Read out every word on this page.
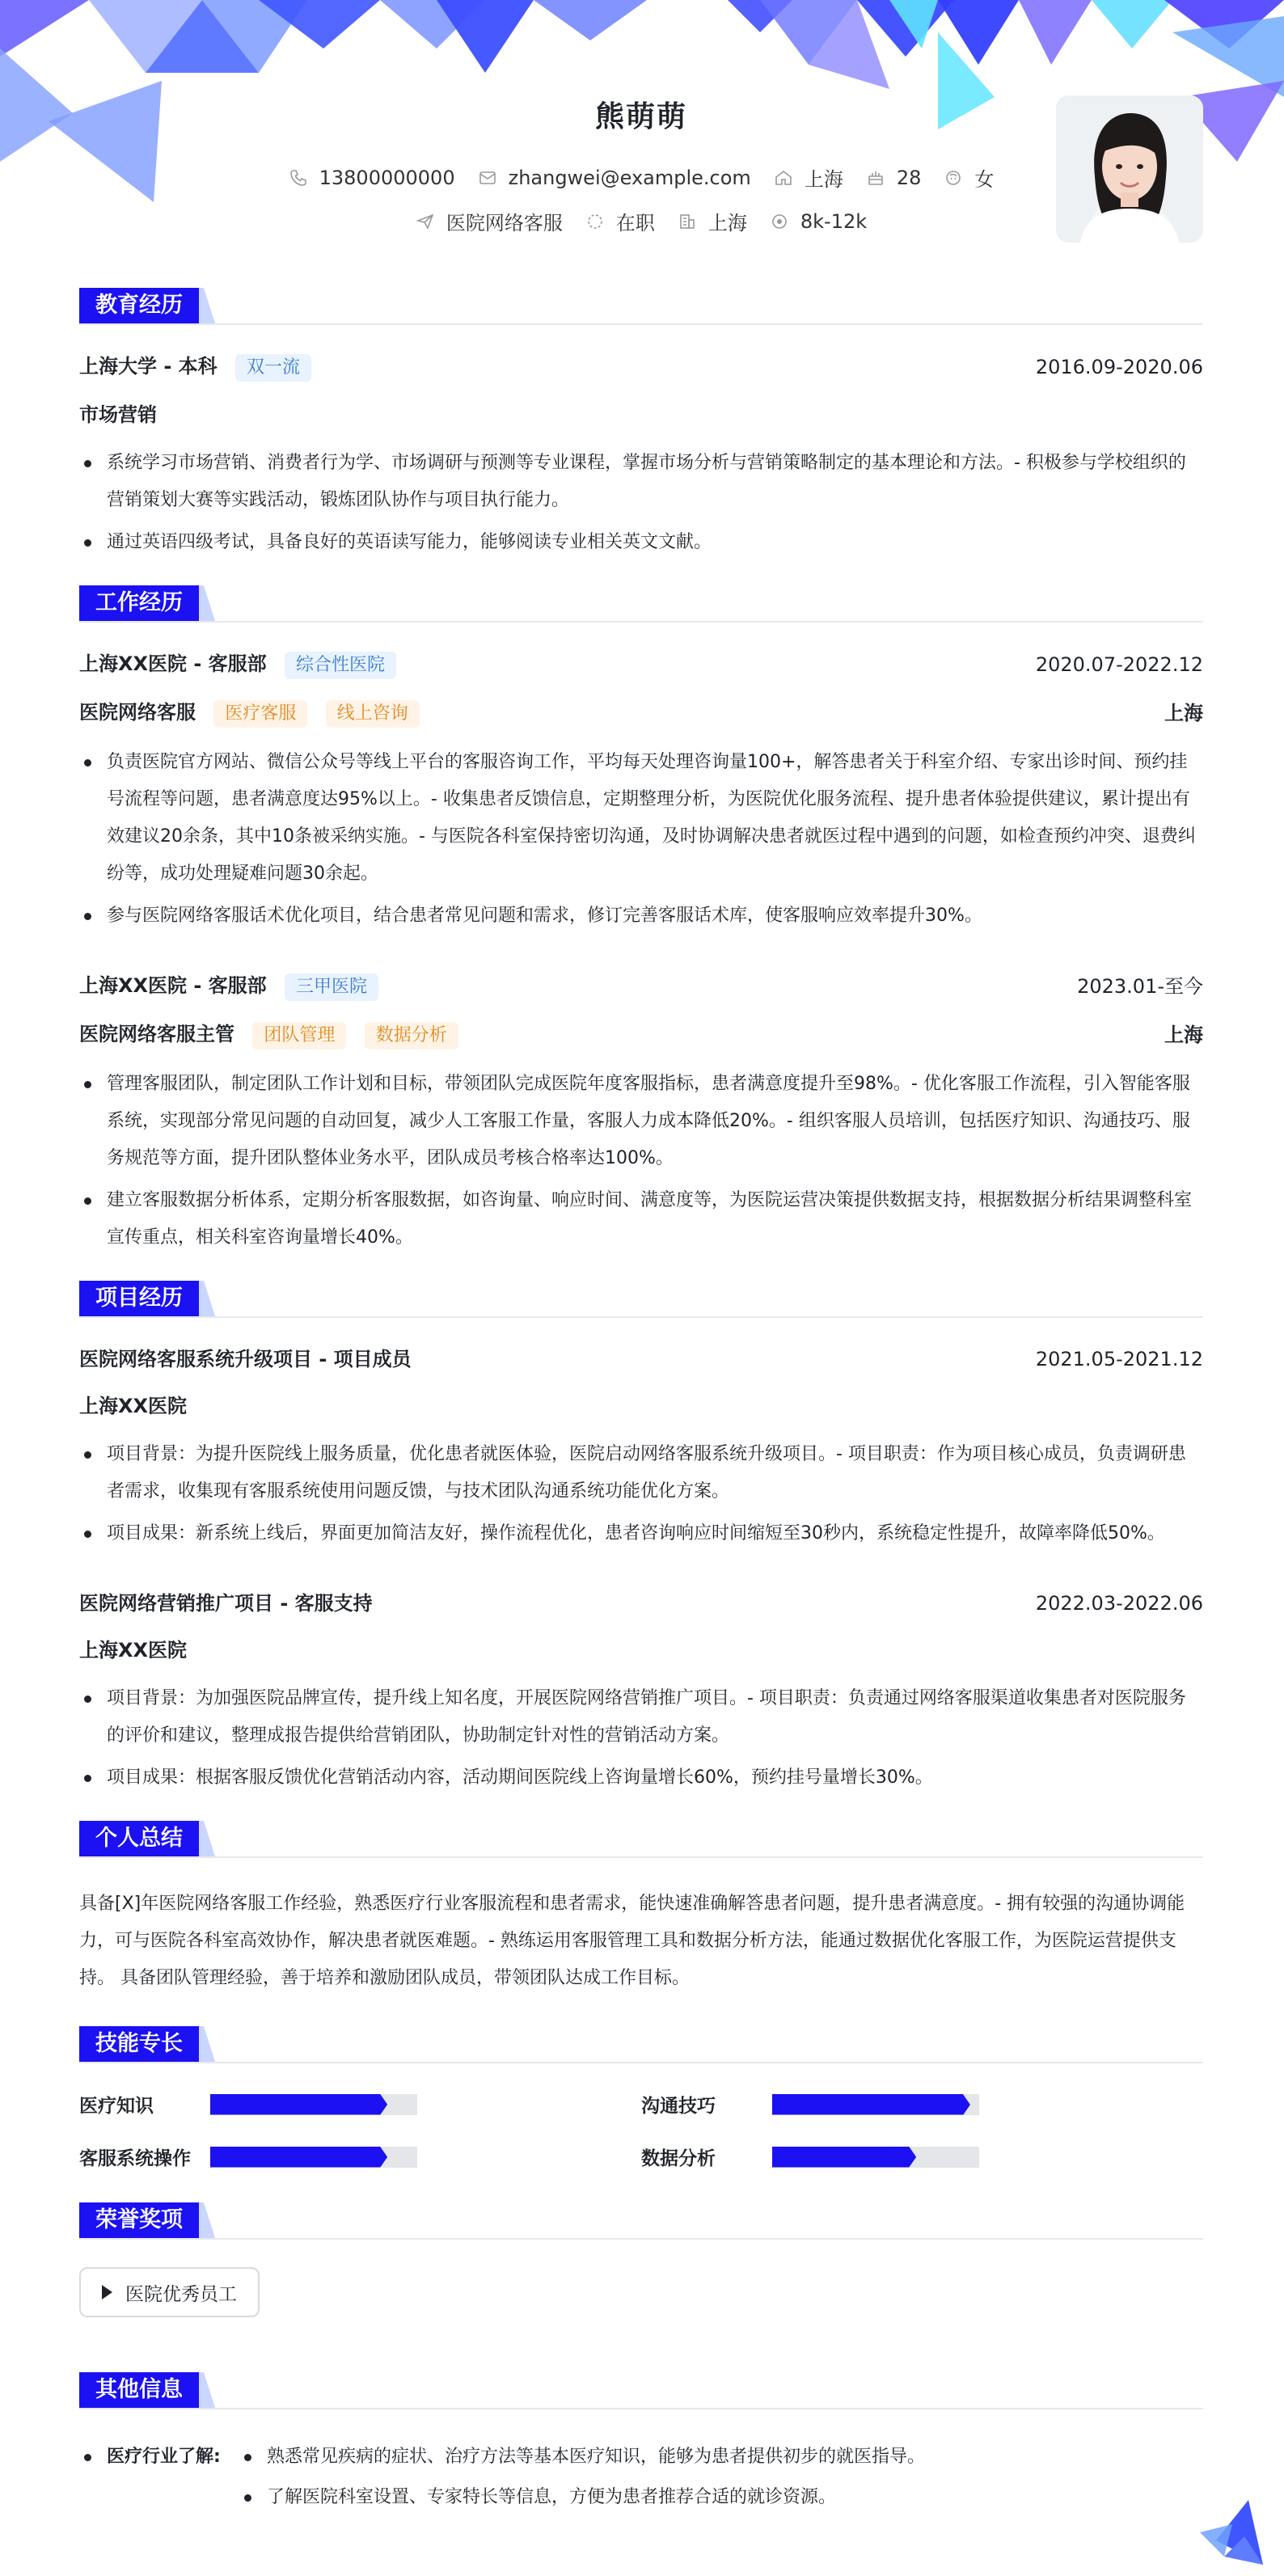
熊萌萌
13800000000	zhangwei@example.com	上海	28	女
医院网络客服	在职	上海	8k-12k
教育经历
上海大学 - 本科 双一流	2016.09-2020.06
市场营销
系统学习市场营销、消费者行为学、市场调研与预测等专业课程，掌握市场分析与营销策略制定的基本理论和方法。- 积极参与学校组织的营销策划大赛等实践活动，锻炼团队协作与项目执行能力。
通过英语四级考试，具备良好的英语读写能力，能够阅读专业相关英文文献。
工作经历
上海XX医院 - 客服部 综合性医院	2020.07-2022.12
医院网络客服 医疗客服 线上咨询	上海
负责医院官方网站、微信公众号等线上平台的客服咨询工作，平均每天处理咨询量100+，解答患者关于科室介绍、专家出诊时间、预约挂号流程等问题，患者满意度达95%以上。- 收集患者反馈信息，定期整理分析，为医院优化服务流程、提升患者体验提供建议，累计提出有效建议20余条，其中10条被采纳实施。- 与医院各科室保持密切沟通，及时协调解决患者就医过程中遇到的问题，如检查预约冲突、退费纠纷等，成功处理疑难问题30余起。
参与医院网络客服话术优化项目，结合患者常见问题和需求，修订完善客服话术库，使客服响应效率提升30%。
上海XX医院 - 客服部 三甲医院	2023.01-至今
医院网络客服主管 团队管理 数据分析	上海
管理客服团队，制定团队工作计划和目标，带领团队完成医院年度客服指标，患者满意度提升至98%。- 优化客服工作流程，引入智能客服系统，实现部分常见问题的自动回复，减少人工客服工作量，客服人力成本降低20%。- 组织客服人员培训，包括医疗知识、沟通技巧、服务规范等方面，提升团队整体业务水平，团队成员考核合格率达100%。
建立客服数据分析体系，定期分析客服数据，如咨询量、响应时间、满意度等，为医院运营决策提供数据支持，根据数据分析结果调整科室宣传重点，相关科室咨询量增长40%。
项目经历
医院网络客服系统升级项目 - 项目成员	2021.05-2021.12
上海XX医院
项目背景：为提升医院线上服务质量，优化患者就医体验，医院启动网络客服系统升级项目。- 项目职责：作为项目核心成员，负责调研患者需求，收集现有客服系统使用问题反馈，与技术团队沟通系统功能优化方案。
项目成果：新系统上线后，界面更加简洁友好，操作流程优化，患者咨询响应时间缩短至30秒内，系统稳定性提升，故障率降低50%。
医院网络营销推广项目 - 客服支持	2022.03-2022.06
上海XX医院
项目背景：为加强医院品牌宣传，提升线上知名度，开展医院网络营销推广项目。- 项目职责：负责通过网络客服渠道收集患者对医院服务的评价和建议，整理成报告提供给营销团队，协助制定针对性的营销活动方案。
项目成果：根据客服反馈优化营销活动内容，活动期间医院线上咨询量增长60%，预约挂号量增长30%。
个人总结
具备[X]年医院网络客服工作经验，熟悉医疗行业客服流程和患者需求，能快速准确解答患者问题，提升患者满意度。- 拥有较强的沟通协调能力，可与医院各科室高效协作，解决患者就医难题。- 熟练运用客服管理工具和数据分析方法，能通过数据优化客服工作，为医院运营提供支持。 具备团队管理经验，善于培养和激励团队成员，带领团队达成工作目标。
技能专长
医疗知识	沟通技巧
客服系统操作	数据分析
荣誉奖项
医院优秀员工
其他信息
医疗行业了解:	熟悉常见疾病的症状、治疗方法等基本医疗知识，能够为患者提供初步的就医指导。
了解医院科室设置、专家特长等信息，方便为患者推荐合适的就诊资源。
